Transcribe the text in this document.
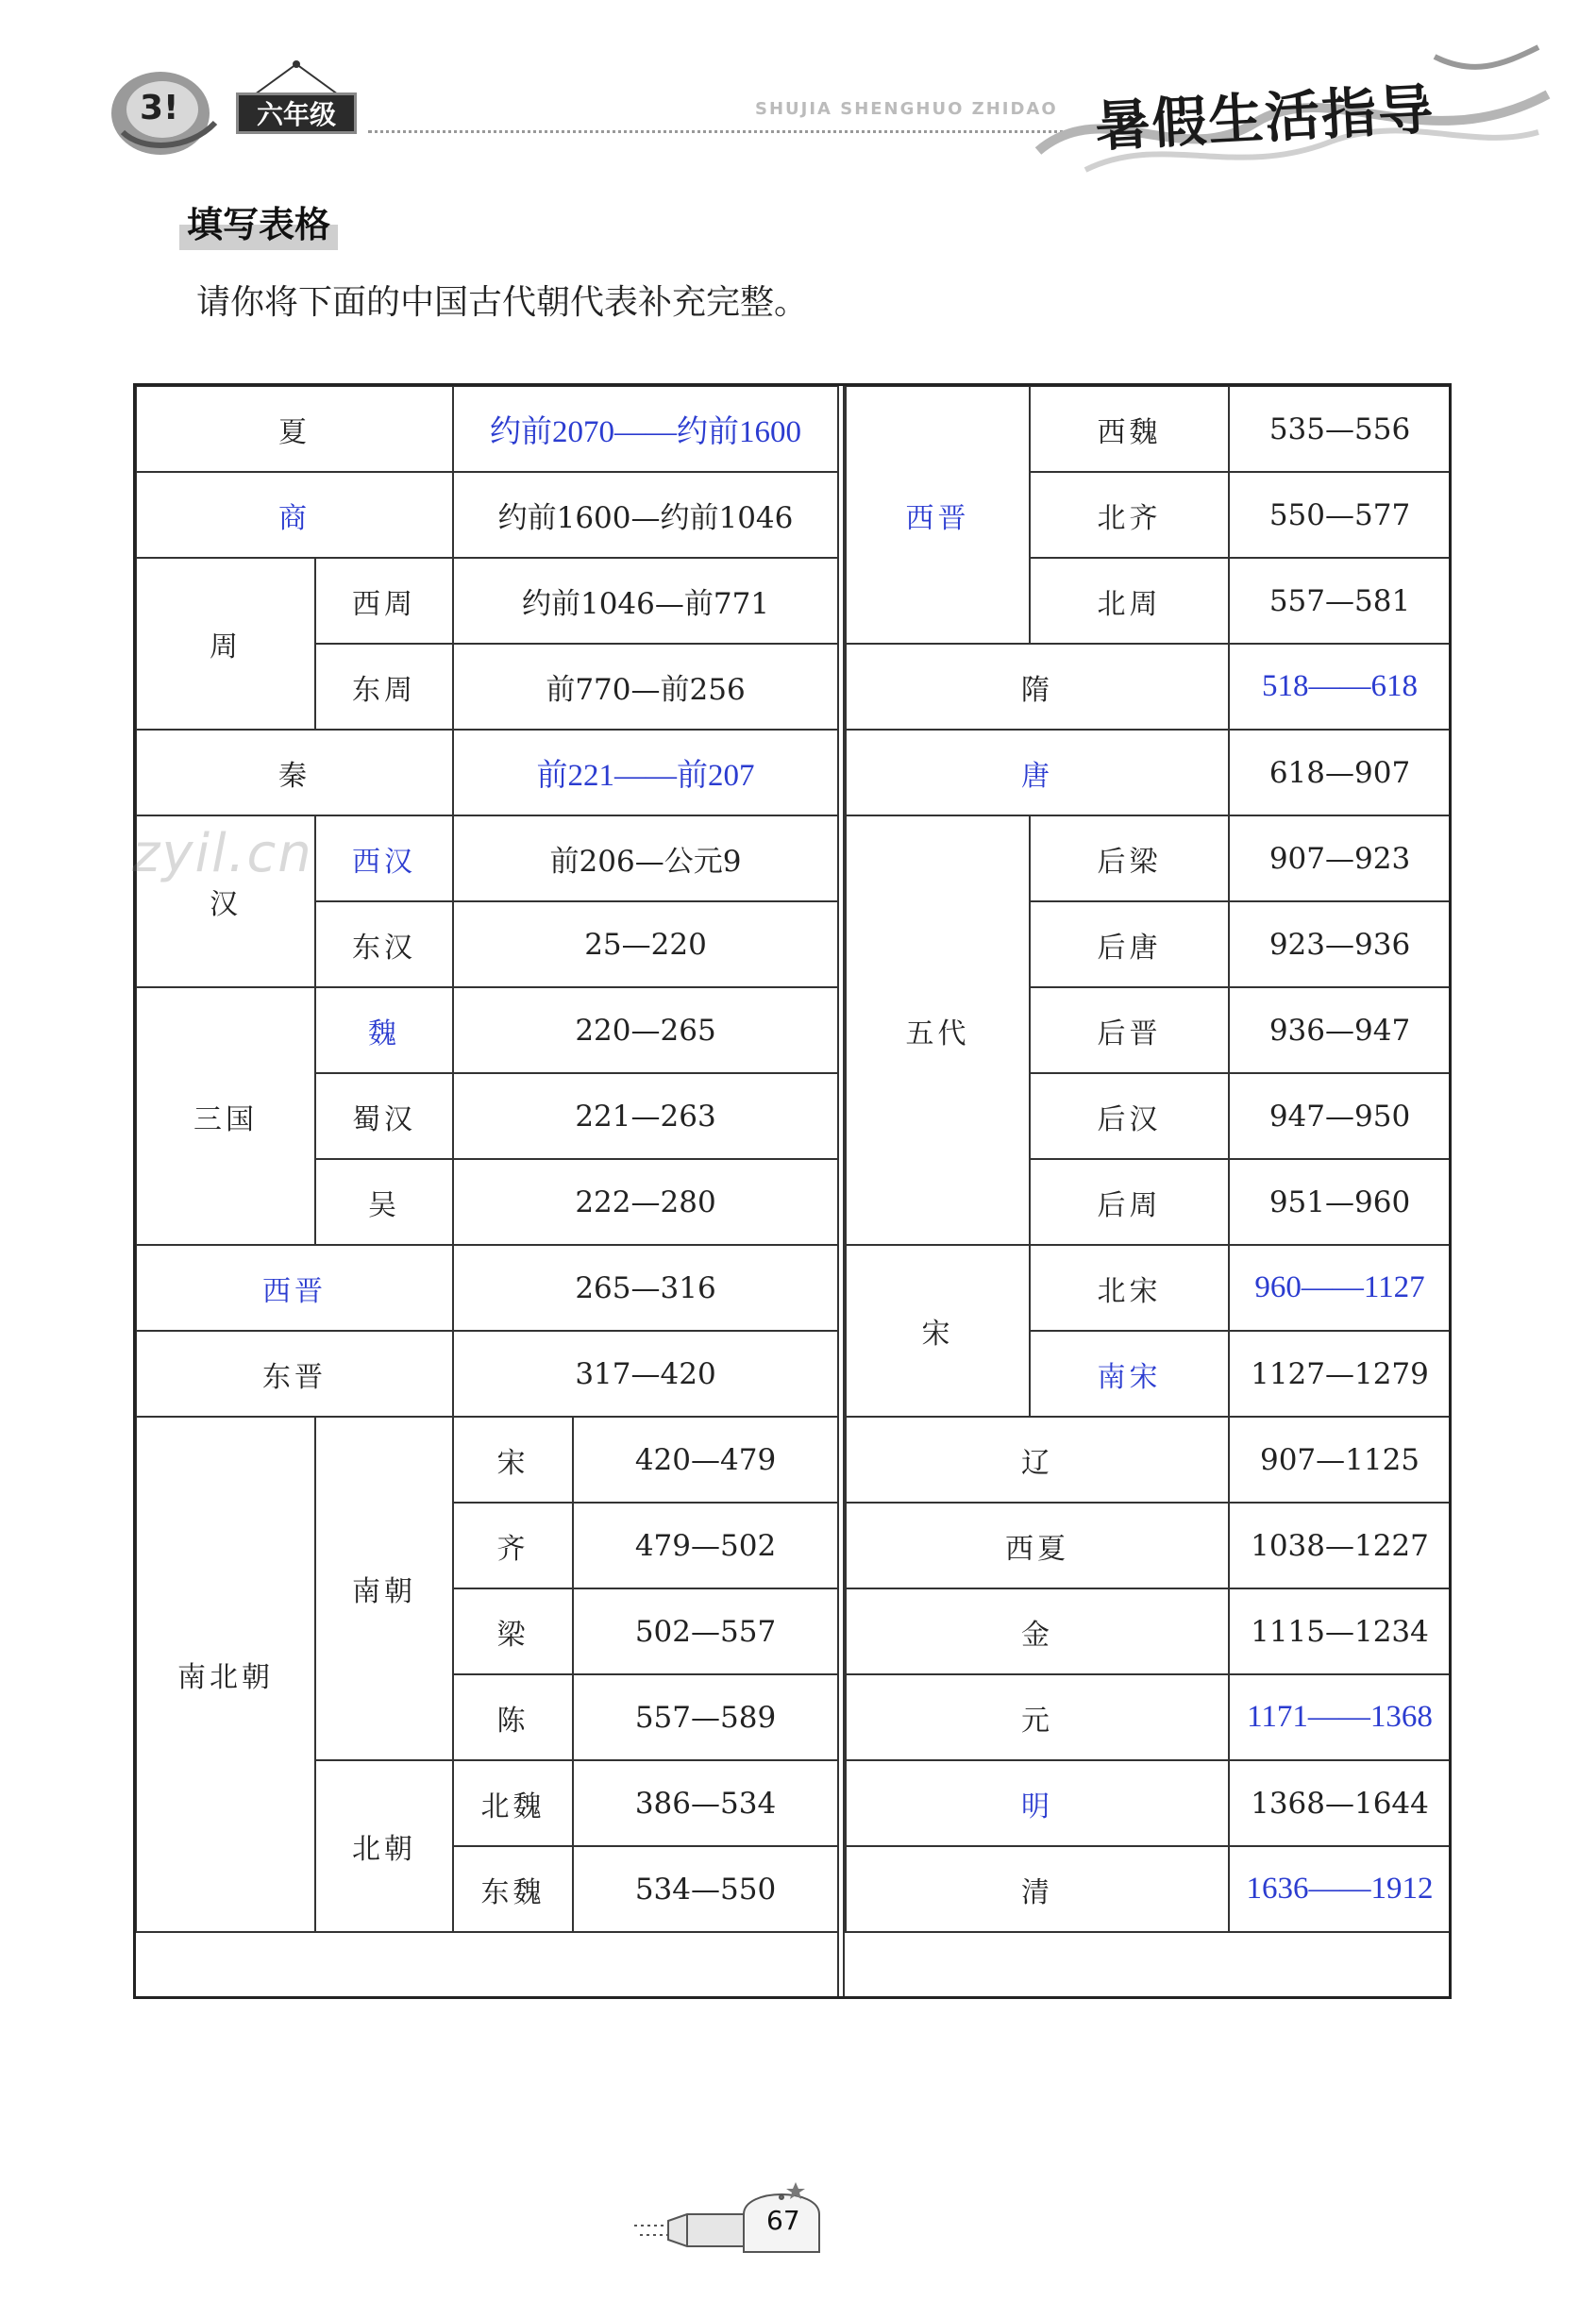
3!	六年级	SHUJIA SHENGHUO ZHIDAO 暑假生活指导
填写表格
请你将下面的中国古代朝代表补充完整。
夏		约前2070——约前1600	
商		约前1600—约前1046	
周	西周	约前1046—前771	
	东周	前770—前256	
秦		前221——前207	
汉	西汉	前206—公元9	
	东汉	25—220	
三国	魏	220—265	
	蜀汉	221—263	
	吴	222—280	
西晋		265—316	
东晋		317—420	
南北朝	南朝	宋	420—479
		齐	479—502
		梁	502—557
		陈	557—589
	北朝	北魏	386—534
		东魏	534—550
西晋	西魏	535—556
	北齐	550—577
	北周	557—581
隋		518——618
唐		618—907
五代	后梁	907—923
	后唐	923—936
	后晋	936—947
	后汉	947—950
	后周	951—960
宋	北宋	960——1127
	南宋	1127—1279
辽		907—1125
西夏		1038—1227
金		1115—1234
元		1171——1368
明		1368—1644
清		1636——1912
zyil.cn
67
